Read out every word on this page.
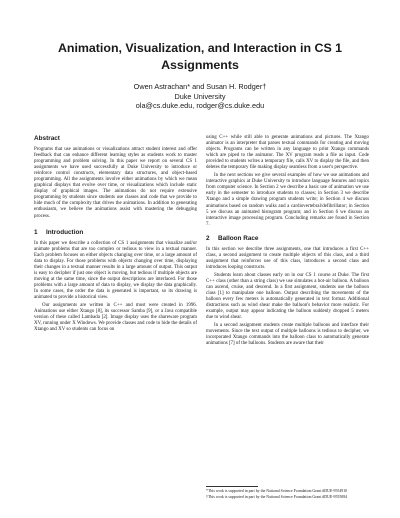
Animation, Visualization, and Interaction in CS 1 Assignments
Owen Astrachan* and Susan H. Rodger†
Duke University
ola@cs.duke.edu, rodger@cs.duke.edu
Abstract

Programs that use animations or visualizations attract student interest and offer feedback that can enhance different learning styles as students work to master programming and problem solving. In this paper we report on several CS 1 assignments we have used successfully at Duke University to introduce or reinforce control constructs, elementary data structures, and object-based programming. All the assignments involve either animations by which we mean graphical displays that evolve over time, or visualizations which include static display of graphical images. The animations do not require extensive programming by students since students use classes and code that we provide to hide much of the complexity that drives the animations. In addition to generating enthusiasm, we believe the animations assist with mastering the debugging process.

1 Introduction

In this paper we describe a collection of CS 1 assignments that visualize and/or animate problems that are too complex or tedious to view in a textual manner. Each problem focuses on either objects changing over time, or a large amount of data to display. For those problems with objects changing over time, displaying their changes in a textual manner results in a large amount of output. This output is easy to decipher if just one object is moving, but tedious if multiple objects are moving at the same time, since the output descriptions are interlaced. For those problems with a large amount of data to display, we display the data graphically. In some cases, the order the data is generated is important, so its drawing is animated to provide a historical view.

Our assignments are written in C++ and most were created in 1996. Animations use either Xtango [8], its successor Samba [9], or a Java compatible version of these called Lambada [2]. Image display uses the shareware program XV, running under X Windows. We provide classes and code to hide the details of Xtango and XV so students can focus on

using C++ while still able to generate animations and pictures. The Xtango animator is an interpreter that parses textual commands for creating and moving objects. Programs can be written in any language to print Xtango commands which are piped to the animator. The XV program reads a file as input. Code provided to students writes a temporary file, calls XV to display the file, and then deletes the temporary file making display seamless from a user's perspective.

In the next sections we give several examples of how we use animations and interactive graphics at Duke University to introduce language features and topics from computer science. In Section 2 we describe a basic use of animation we use early in the semester to introduce students to classes; in Section 3 we describe Xtango and a simple drawing program students write; in Section 4 we discuss animations based on random walks and a cardiovertebral/defibrillator; in Section 5 we discuss an animated histogram program; and in Section 6 we discuss an interactive image processing program. Concluding remarks are found in Section 7.

2 Balloon Race

In this section we describe three assignments, one that introduces a first C++ class, a second assignment to create multiple objects of this class, and a third assignment that reinforces use of this class, introduces a second class and introduces looping constructs.

Students learn about classes early on in our CS 1 course at Duke. The first C++ class (other than a string class) we use simulates a hot-air balloon. A balloon can ascend, cruise, and descend. In a first assignment, students use the balloon class [1] to manipulate one balloon. Output describing the movements of the balloon every few meters is automatically generated in text format. Additional distractions such as wind shear make the balloon's behavior more realistic. For example, output may appear indicating the balloon suddenly dropped 5 meters due to wind shear.

In a second assignment students create multiple balloons and interface their movements. Since the text output of multiple balloons is tedious to decipher, we incorporated Xtango commands into the balloon class to automatically generate animations [7] of the balloons. Students are aware that their

*This work is supported in part by the National Science Foundation Grant #DUE-9554910

†This work is supported in part by the National Science Foundation Grant #DUE-9555084
